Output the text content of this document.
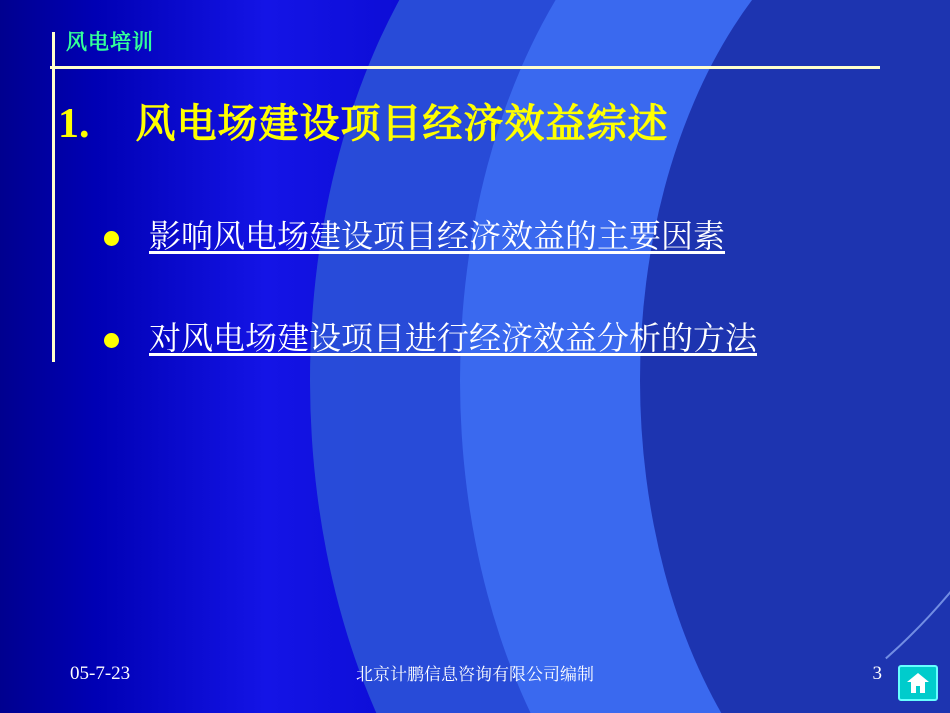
风电培训
1. 风电场建设项目经济效益综述
影响风电场建设项目经济效益的主要因素
对风电场建设项目进行经济效益分析的方法
05-7-23	北京计鹏信息咨询有限公司编制	3
